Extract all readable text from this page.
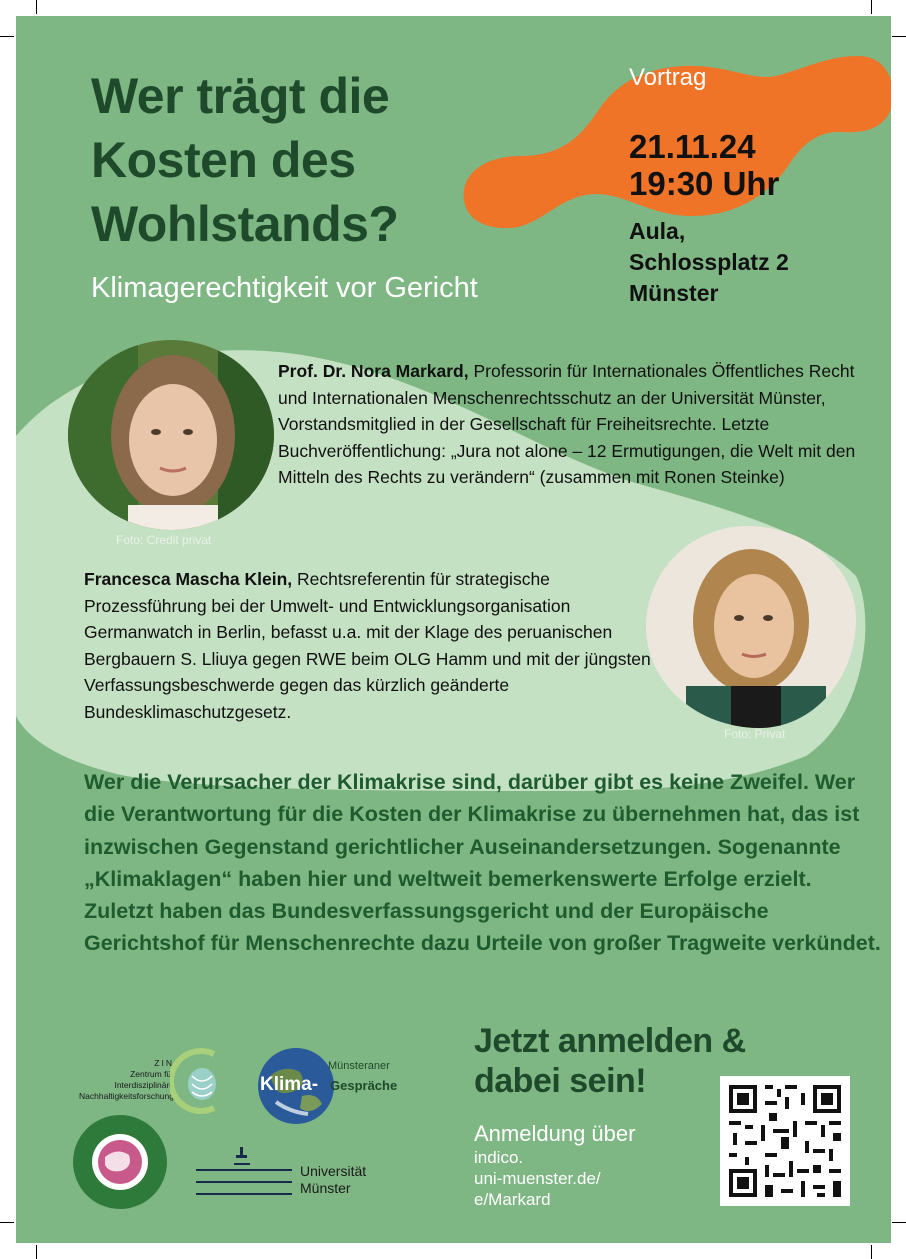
Wer trägt die
Kosten des
Wohlstands?
Klimagerechtigkeit vor Gericht
Vortrag
21.11.24
19:30 Uhr
Aula,
Schlossplatz 2
Münster
Foto: Credit privat
Prof. Dr. Nora Markard, Professorin für Internationales Öffentliches Recht und Internationalen Menschenrechtsschutz an der Universität Münster, Vorstandsmitglied in der Gesellschaft für Freiheitsrechte. Letzte Buchveröffentlichung: „Jura not alone – 12 Ermutigungen, die Welt mit den Mitteln des Rechts zu verändern“ (zusammen mit Ronen Steinke)
Foto: Privat
Francesca Mascha Klein, Rechtsreferentin für strategische Prozessführung bei der Umwelt- und Entwicklungsorganisation Germanwatch in Berlin, befasst u.a. mit der Klage des peruanischen Bergbauern S. Lliuya gegen RWE beim OLG Hamm und mit der jüngsten Verfassungsbeschwerde gegen das kürzlich geänderte Bundesklimaschutzgesetz.
Wer die Verursacher der Klimakrise sind, darüber gibt es keine Zweifel. Wer die Verantwortung für die Kosten der Klimakrise zu übernehmen hat, das ist inzwischen Gegenstand gerichtlicher Auseinandersetzungen. Sogenannte „Klimaklagen“ haben hier und weltweit bemerkenswerte Erfolge erzielt. Zuletzt haben das Bundesverfassungsgericht und der Europäische Gerichtshof für Menschenrechte dazu Urteile von großer Tragweite verkündet.
Jetzt anmelden &
dabei sein!
Anmeldung über
indico.
uni-muenster.de/
e/Markard
ZIN
Zentrum für
Interdisziplinäre
Nachhaltigkeitsforschung
Münsteraner
Klima- Gespräche
Universität
Münster
